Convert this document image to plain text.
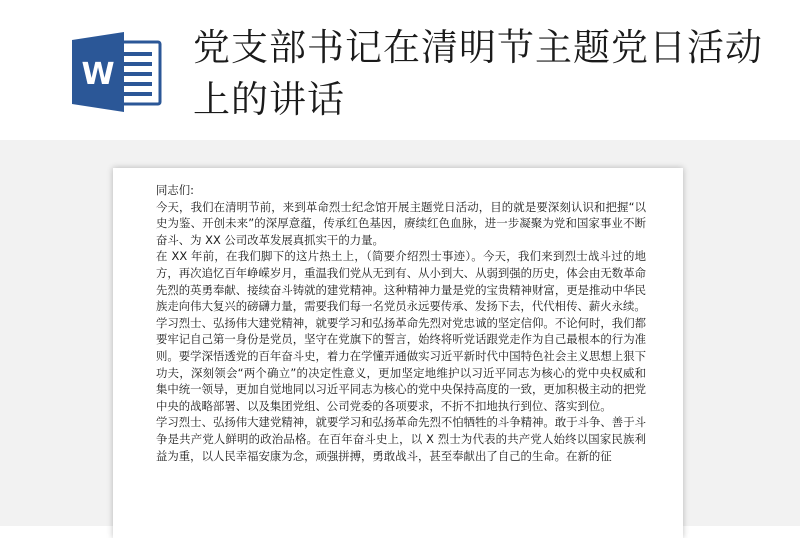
W
党支部书记在清明节主题党日活动上的讲话

同志们:

今天，我们在清明节前，来到革命烈士纪念馆开展主题党日活动，目的就是要深刻认识和把握“以史为鉴、开创未来”的深厚意蕴，传承红色基因，赓续红色血脉，进一步凝聚为党和国家事业不断奋斗、为 XX 公司改革发展真抓实干的力量。

在 XX 年前，在我们脚下的这片热土上，（简要介绍烈士事迹）。今天，我们来到烈士战斗过的地方，再次追忆百年峥嵘岁月，重温我们党从无到有、从小到大、从弱到强的历史，体会由无数革命先烈的英勇奉献、接续奋斗铸就的建党精神。这种精神力量是党的宝贵精神财富，更是推动中华民族走向伟大复兴的磅礴力量，需要我们每一名党员永远要传承、发扬下去，代代相传、薪火永续。

学习烈士、弘扬伟大建党精神，就要学习和弘扬革命先烈对党忠诚的坚定信仰。不论何时，我们都要牢记自己第一身份是党员，坚守在党旗下的誓言，始终将听党话跟党走作为自己最根本的行为准则。要学深悟透党的百年奋斗史，着力在学懂弄通做实习近平新时代中国特色社会主义思想上狠下功夫，深刻领会“两个确立”的决定性意义，更加坚定地维护以习近平同志为核心的党中央权威和集中统一领导，更加自觉地同以习近平同志为核心的党中央保持高度的一致，更加积极主动的把党中央的战略部署、以及集团党组、公司党委的各项要求，不折不扣地执行到位、落实到位。

学习烈士、弘扬伟大建党精神，就要学习和弘扬革命先烈不怕牺牲的斗争精神。敢于斗争、善于斗争是共产党人鲜明的政治品格。在百年奋斗史上，以 X 烈士为代表的共产党人始终以国家民族利益为重，以人民幸福安康为念，顽强拼搏，勇敢战斗，甚至奉献出了自己的生命。在新的征
